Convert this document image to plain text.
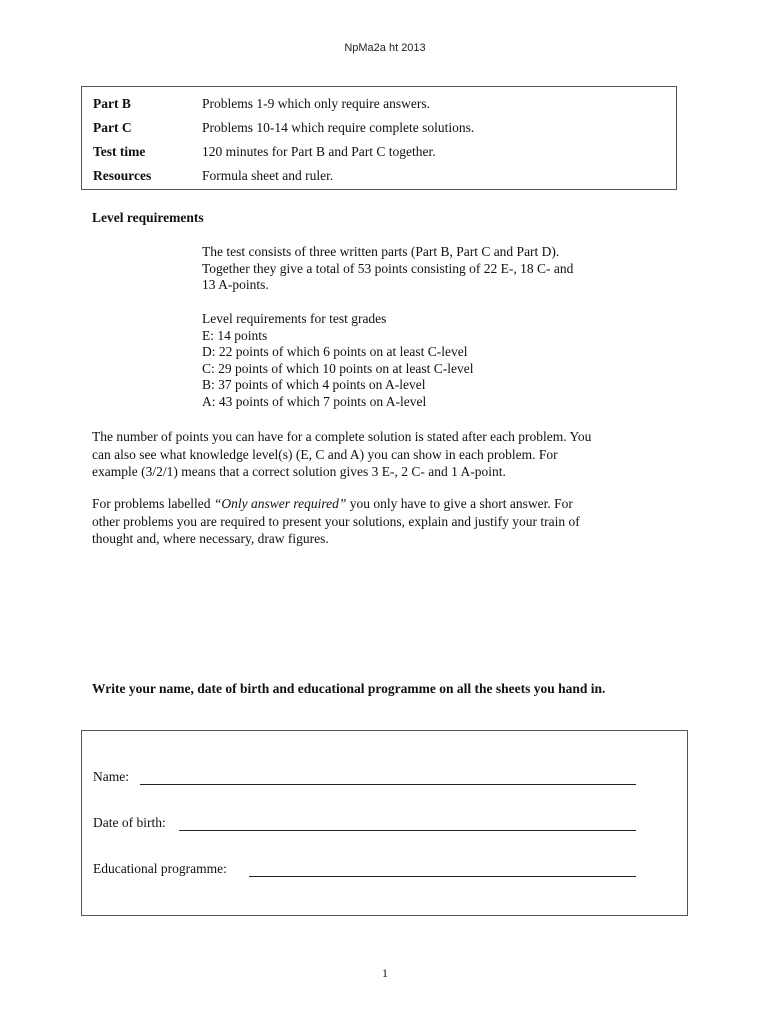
NpMa2a ht 2013
Part B	Problems 1-9 which only require answers.
Part C	Problems 10-14 which require complete solutions.
Test time	120 minutes for Part B and Part C together.
Resources	Formula sheet and ruler.
Level requirements

The test consists of three written parts (Part B, Part C and Part D).

Together they give a total of 53 points consisting of 22 E-, 18 C- and

13 A-points.

Level requirements for test grades

E: 14 points

D: 22 points of which 6 points on at least C-level

C: 29 points of which 10 points on at least C-level

B: 37 points of which 4 points on A-level

A: 43 points of which 7 points on A-level

The number of points you can have for a complete solution is stated after each problem. You

can also see what knowledge level(s) (E, C and A) you can show in each problem. For

example (3/2/1) means that a correct solution gives 3 E-, 2 C- and 1 A-point.

For problems labelled “Only answer required” you only have to give a short answer. For

other problems you are required to present your solutions, explain and justify your train of

thought and, where necessary, draw figures.

Write your name, date of birth and educational programme on all the sheets you hand in.
Name:
Date of birth:
Educational programme:
1
